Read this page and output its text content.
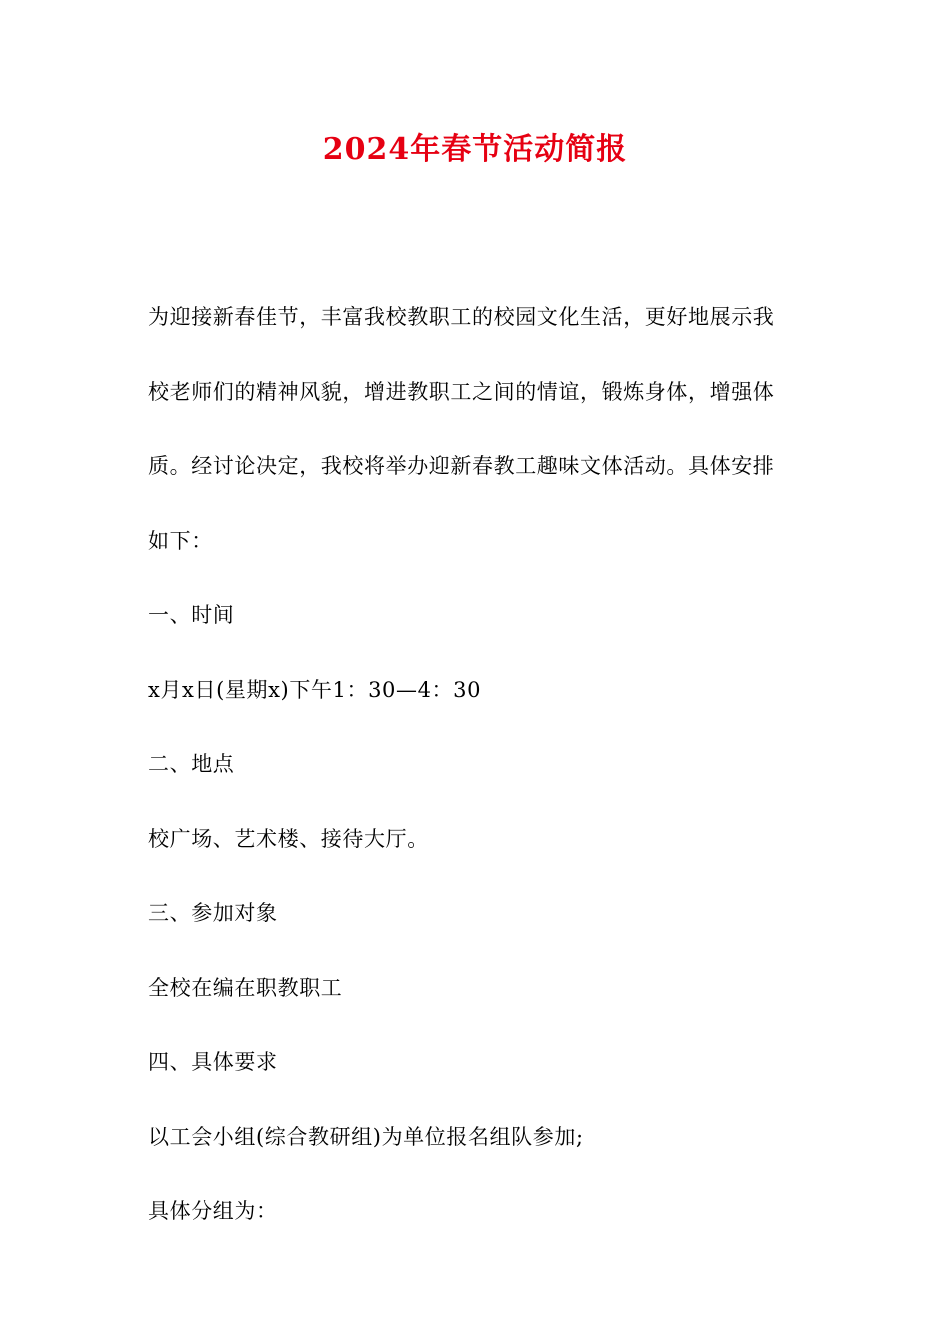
2024年春节活动简报
为迎接新春佳节，丰富我校教职工的校园文化生活，更好地展示我
校老师们的精神风貌，增进教职工之间的情谊，锻炼身体，增强体
质。经讨论决定，我校将举办迎新春教工趣味文体活动。具体安排
如下：
一、时间
x月x日(星期x)下午1：30—4：30
二、地点
校广场、艺术楼、接待大厅。
三、参加对象
全校在编在职教职工
四、具体要求
以工会小组(综合教研组)为单位报名组队参加;
具体分组为：
